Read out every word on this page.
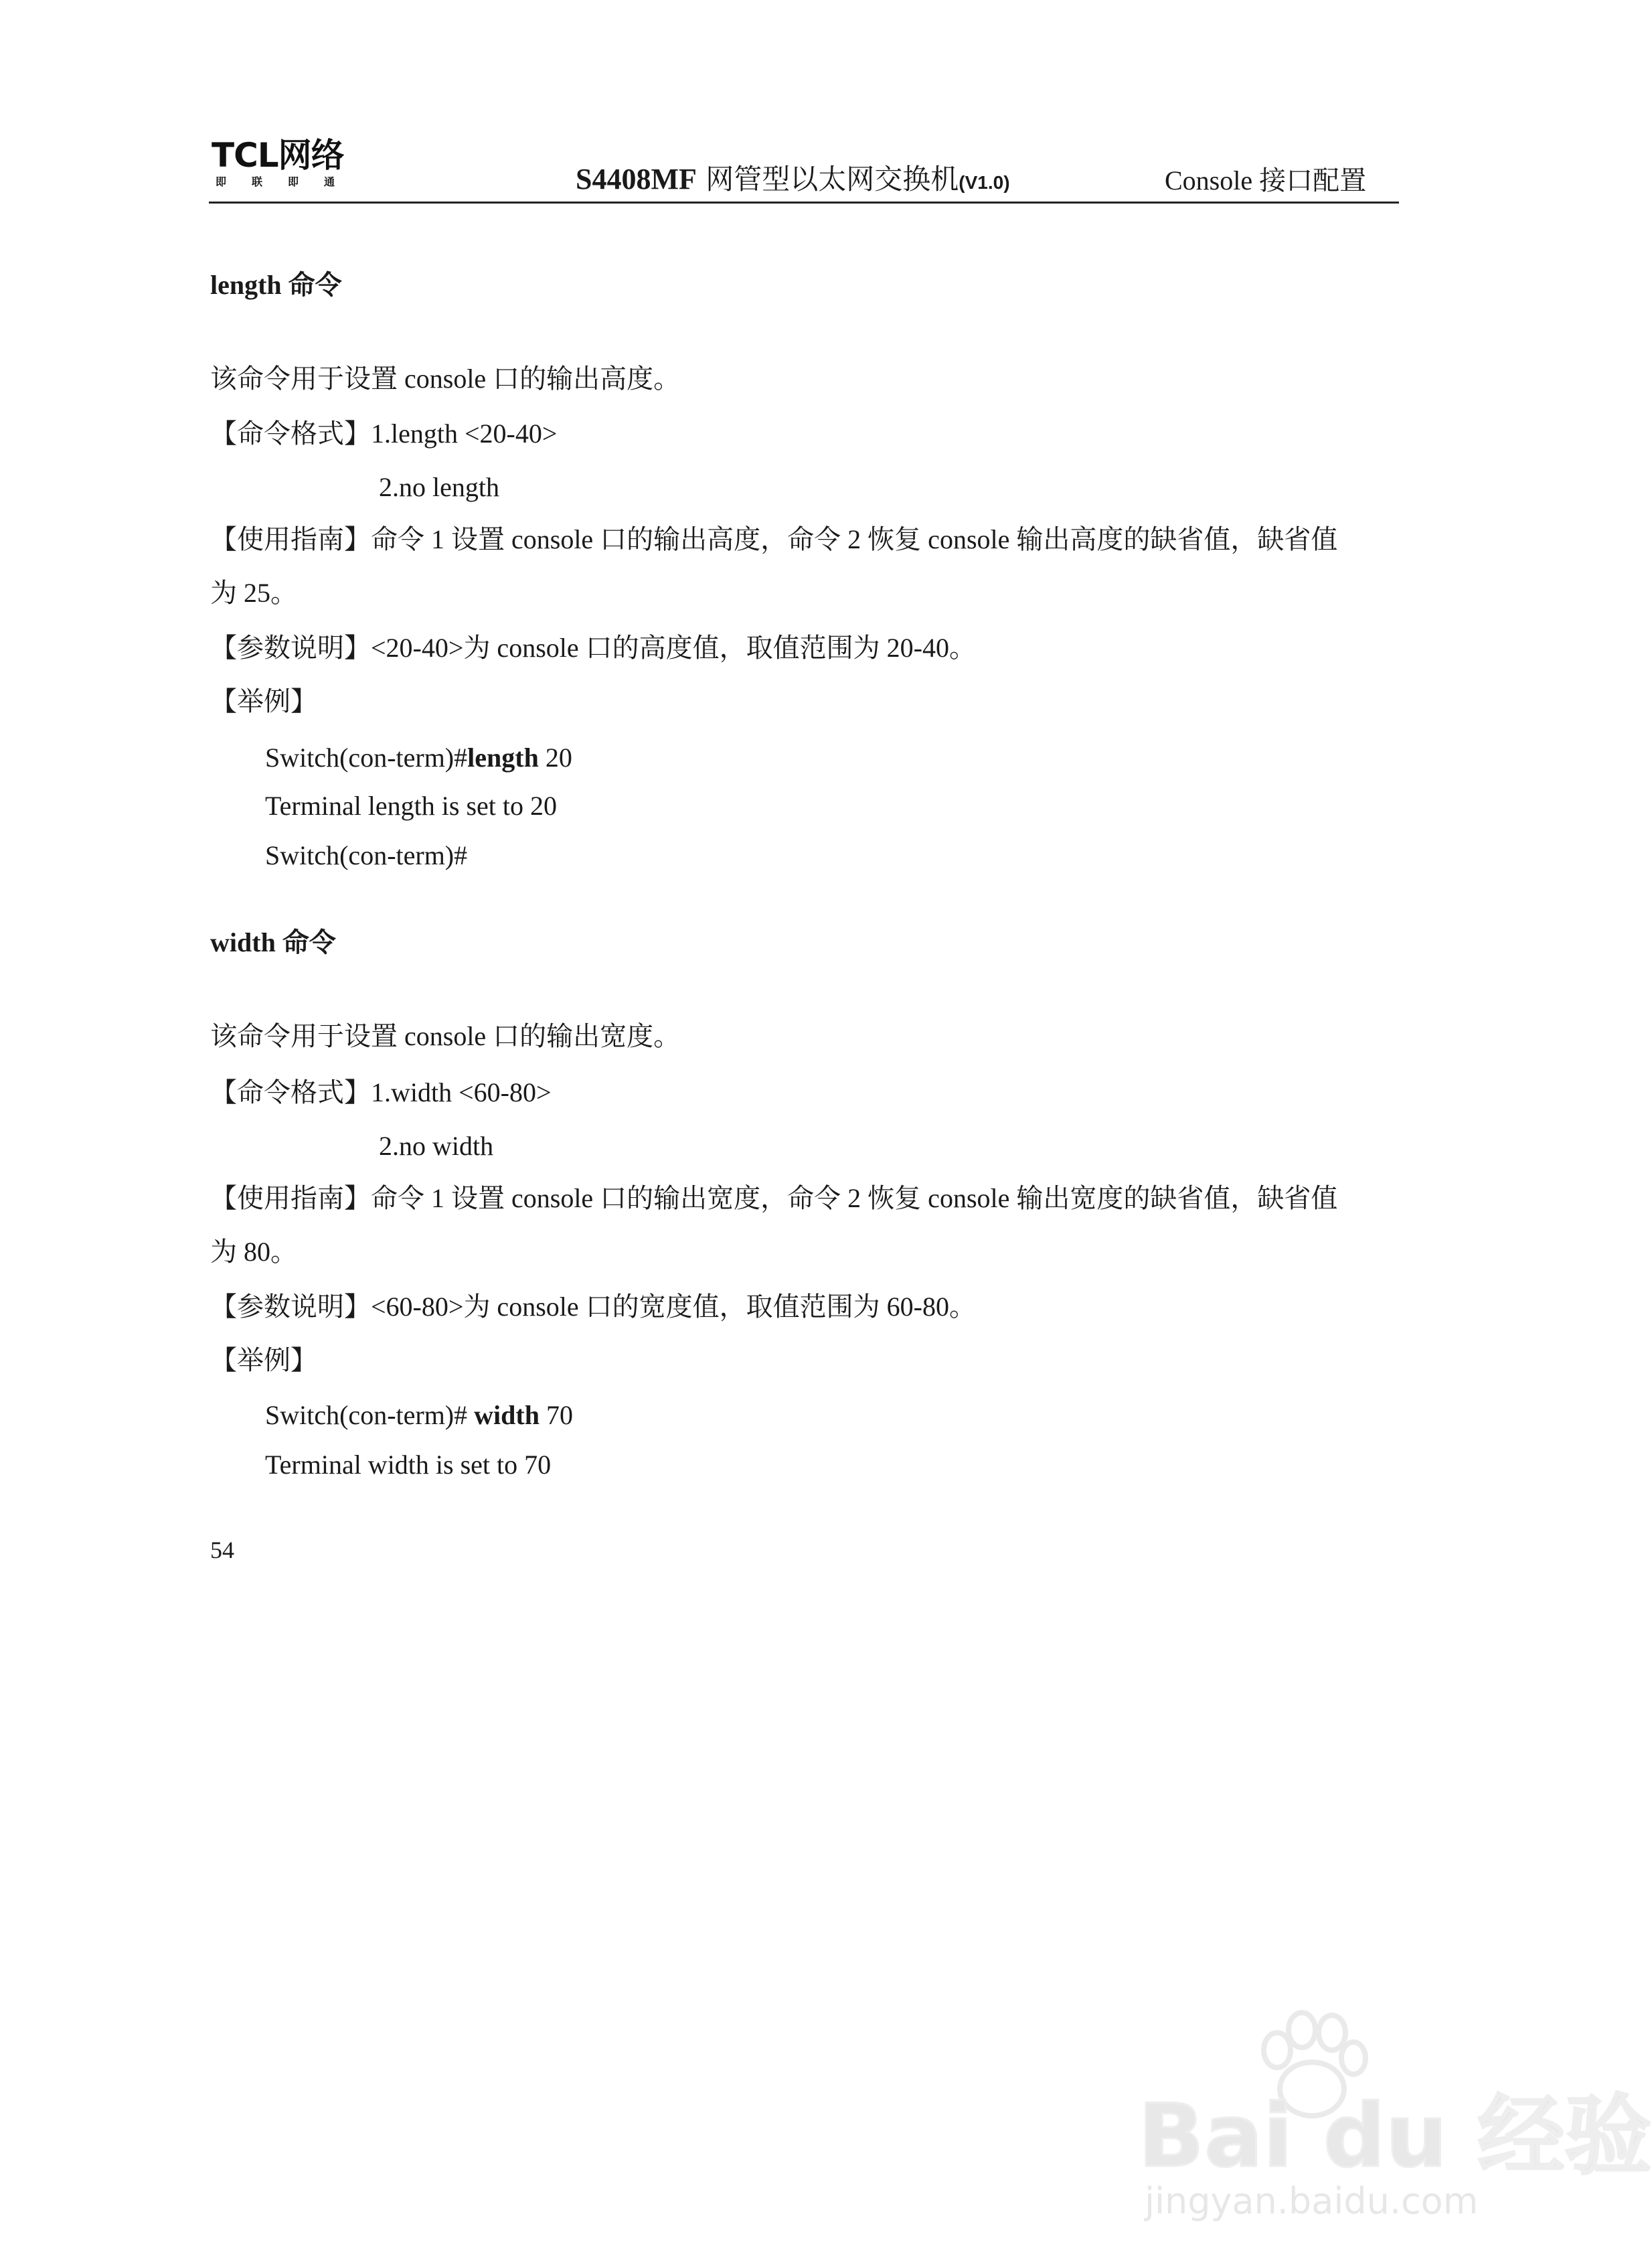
TCL网络
即联即通	S4408MF 网管型以太网交换机(V1.0)	Console 接口配置
length 命令
该命令用于设置 console 口的输出高度。
【命令格式】1.length <20-40>
2.no length
【使用指南】命令 1 设置 console 口的输出高度，命令 2 恢复 console 输出高度的缺省值，缺省值
为 25。
【参数说明】<20-40>为 console 口的高度值，取值范围为 20-40。
【举例】
Switch(con-term)#length 20
Terminal length is set to 20
Switch(con-term)#
width 命令
该命令用于设置 console 口的输出宽度。
【命令格式】1.width <60-80>
2.no width
【使用指南】命令 1 设置 console 口的输出宽度，命令 2 恢复 console 输出宽度的缺省值，缺省值
为 80。
【参数说明】<60-80>为 console 口的宽度值，取值范围为 60-80。
【举例】
Switch(con-term)# width 70
Terminal width is set to 70
54
Bai du 经验
jingyan.baidu.com
